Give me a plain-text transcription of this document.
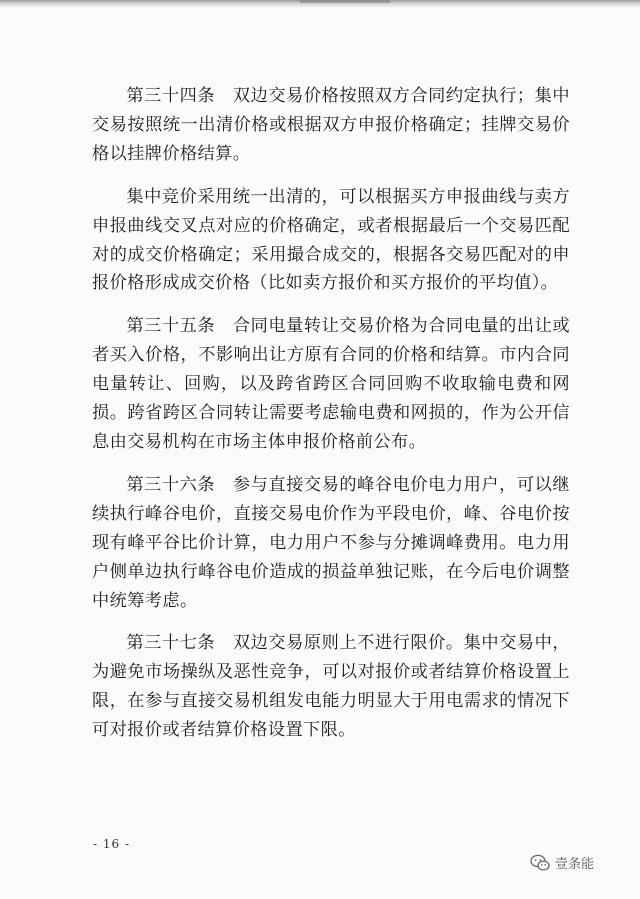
第三十四条　双边交易价格按照双方合同约定执行；集中交易按照统一出清价格或根据双方申报价格确定；挂牌交易价格以挂牌价格结算。

集中竞价采用统一出清的，可以根据买方申报曲线与卖方申报曲线交叉点对应的价格确定，或者根据最后一个交易匹配对的成交价格确定；采用撮合成交的，根据各交易匹配对的申报价格形成成交价格（比如卖方报价和买方报价的平均值）。

第三十五条　合同电量转让交易价格为合同电量的出让或者买入价格，不影响出让方原有合同的价格和结算。市内合同电量转让、回购，以及跨省跨区合同回购不收取输电费和网损。跨省跨区合同转让需要考虑输电费和网损的，作为公开信息由交易机构在市场主体申报价格前公布。

第三十六条　参与直接交易的峰谷电价电力用户，可以继续执行峰谷电价，直接交易电价作为平段电价，峰、谷电价按现有峰平谷比价计算，电力用户不参与分摊调峰费用。电力用户侧单边执行峰谷电价造成的损益单独记账，在今后电价调整中统筹考虑。

第三十七条　双边交易原则上不进行限价。集中交易中，为避免市场操纵及恶性竞争，可以对报价或者结算价格设置上限，在参与直接交易机组发电能力明显大于用电需求的情况下可对报价或者结算价格设置下限。

- 16 -
壹条能
